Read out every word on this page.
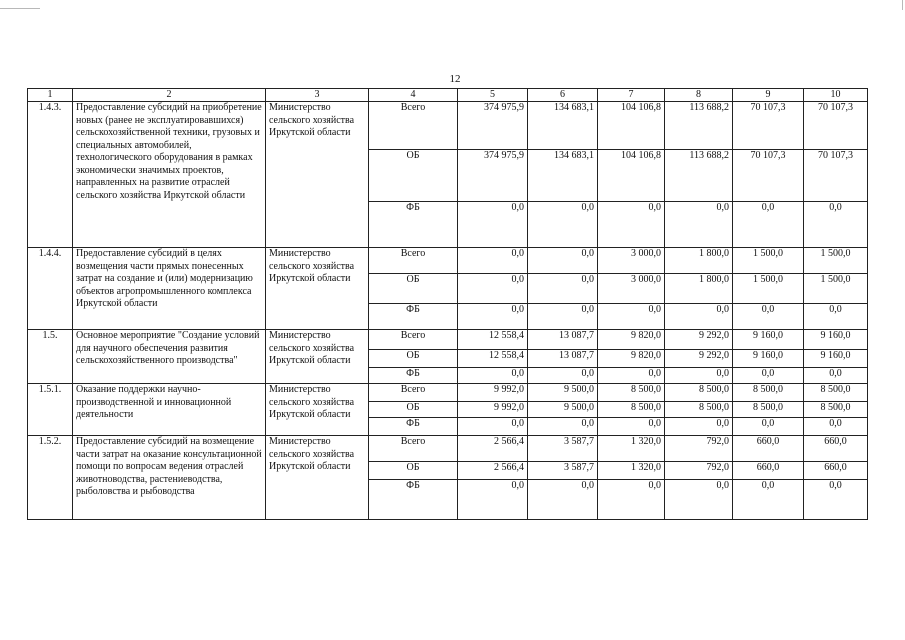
12
1	2	3	4	5	6	7	8	9	10
1.4.3.	Предоставление субсидий на приобретение новых (ранее не эксплуатировавшихся) сельскохозяйственной техники, грузовых и специальных автомобилей, технологического оборудования в рамках экономически значимых проектов, направленных на развитие отраслей сельского хозяйства Иркутской области	Министерство сельского хозяйства Иркутской области	Всего	374 975,9	134 683,1	104 106,8	113 688,2	70 107,3	70 107,3
			ОБ	374 975,9	134 683,1	104 106,8	113 688,2	70 107,3	70 107,3
			ФБ	0,0	0,0	0,0	0,0	0,0	0,0
1.4.4.	Предоставление субсидий в целях возмещения части прямых понесенных затрат на создание и (или) модернизацию объектов агропромышленного комплекса Иркутской области	Министерство сельского хозяйства Иркутской области	Всего	0,0	0,0	3 000,0	1 800,0	1 500,0	1 500,0
			ОБ	0,0	0,0	3 000,0	1 800,0	1 500,0	1 500,0
			ФБ	0,0	0,0	0,0	0,0	0,0	0,0
1.5.	Основное мероприятие "Создание условий для научного обеспечения развития сельскохозяйственного производства"	Министерство сельского хозяйства Иркутской области	Всего	12 558,4	13 087,7	9 820,0	9 292,0	9 160,0	9 160,0
			ОБ	12 558,4	13 087,7	9 820,0	9 292,0	9 160,0	9 160,0
			ФБ	0,0	0,0	0,0	0,0	0,0	0,0
1.5.1.	Оказание поддержки научно-производственной и инновационной деятельности	Министерство сельского хозяйства Иркутской области	Всего	9 992,0	9 500,0	8 500,0	8 500,0	8 500,0	8 500,0
			ОБ	9 992,0	9 500,0	8 500,0	8 500,0	8 500,0	8 500,0
			ФБ	0,0	0,0	0,0	0,0	0,0	0,0
1.5.2.	Предоставление субсидий на возмещение части затрат на оказание консультационной помощи по вопросам ведения отраслей животноводства, растениеводства, рыболовства и рыбоводства	Министерство сельского хозяйства Иркутской области	Всего	2 566,4	3 587,7	1 320,0	792,0	660,0	660,0
			ОБ	2 566,4	3 587,7	1 320,0	792,0	660,0	660,0
			ФБ	0,0	0,0	0,0	0,0	0,0	0,0
